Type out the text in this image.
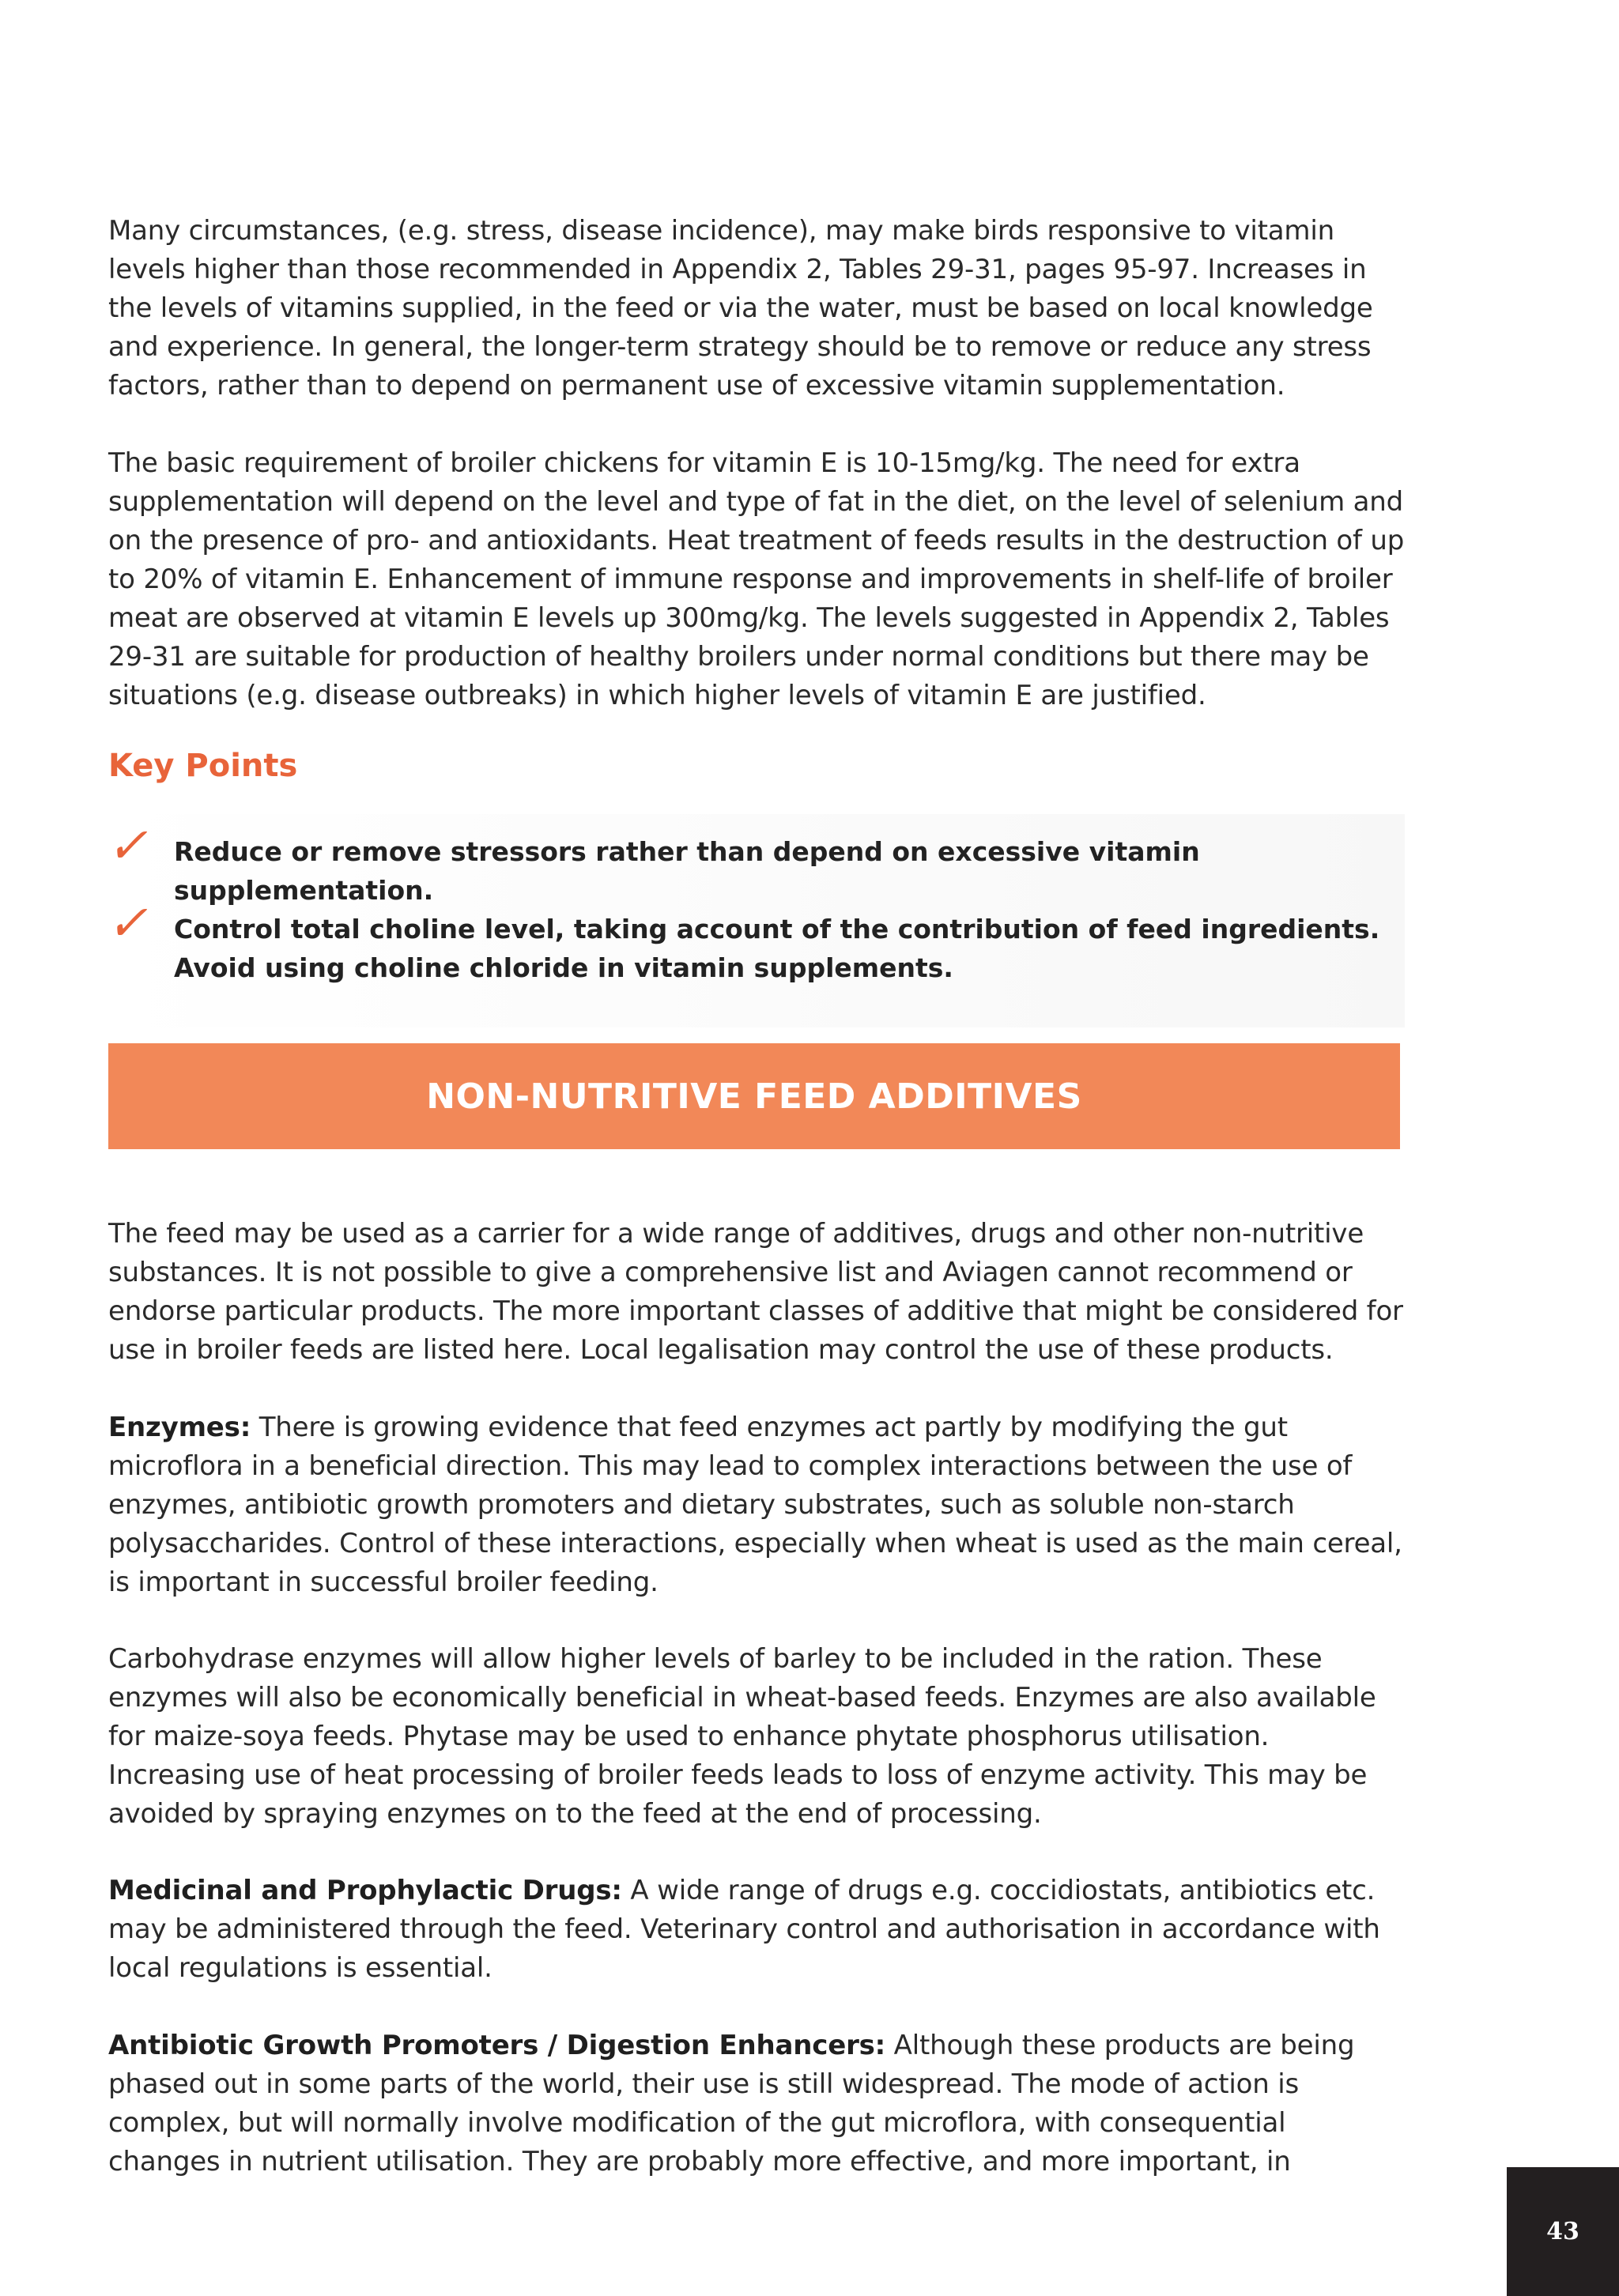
Many circumstances, (e.g. stress, disease incidence), may make birds responsive to vitamin levels higher than those recommended in Appendix 2, Tables 29-31, pages 95-97. Increases in the levels of vitamins supplied, in the feed or via the water, must be based on local knowledge and experience. In general, the longer-term strategy should be to remove or reduce any stress factors, rather than to depend on permanent use of excessive vitamin supplementation.

The basic requirement of broiler chickens for vitamin E is 10-15mg/kg. The need for extra supplementation will depend on the level and type of fat in the diet, on the level of selenium and on the presence of pro- and antioxidants. Heat treatment of feeds results in the destruction of up to 20% of vitamin E. Enhancement of immune response and improvements in shelf-life of broiler meat are observed at vitamin E levels up 300mg/kg. The levels suggested in Appendix 2, Tables 29-31 are suitable for production of healthy broilers under normal conditions but there may be situations (e.g. disease outbreaks) in which higher levels of vitamin E are justified.

Key Points
✓ Reduce or remove stressors rather than depend on excessive vitamin supplementation.
✓ Control total choline level, taking account of the contribution of feed ingredients. Avoid using choline chloride in vitamin supplements.
NON-NUTRITIVE FEED ADDITIVES

The feed may be used as a carrier for a wide range of additives, drugs and other non-nutritive substances. It is not possible to give a comprehensive list and Aviagen cannot recommend or endorse particular products. The more important classes of additive that might be considered for use in broiler feeds are listed here. Local legalisation may control the use of these products.

Enzymes: There is growing evidence that feed enzymes act partly by modifying the gut microflora in a beneficial direction. This may lead to complex interactions between the use of enzymes, antibiotic growth promoters and dietary substrates, such as soluble non-starch polysaccharides. Control of these interactions, especially when wheat is used as the main cereal, is important in successful broiler feeding.

Carbohydrase enzymes will allow higher levels of barley to be included in the ration. These enzymes will also be economically beneficial in wheat-based feeds. Enzymes are also available for maize-soya feeds. Phytase may be used to enhance phytate phosphorus utilisation. Increasing use of heat processing of broiler feeds leads to loss of enzyme activity. This may be avoided by spraying enzymes on to the feed at the end of processing.

Medicinal and Prophylactic Drugs: A wide range of drugs e.g. coccidiostats, antibiotics etc. may be administered through the feed. Veterinary control and authorisation in accordance with local regulations is essential.

Antibiotic Growth Promoters / Digestion Enhancers: Although these products are being phased out in some parts of the world, their use is still widespread. The mode of action is complex, but will normally involve modification of the gut microflora, with consequential changes in nutrient utilisation. They are probably more effective, and more important, in

43
